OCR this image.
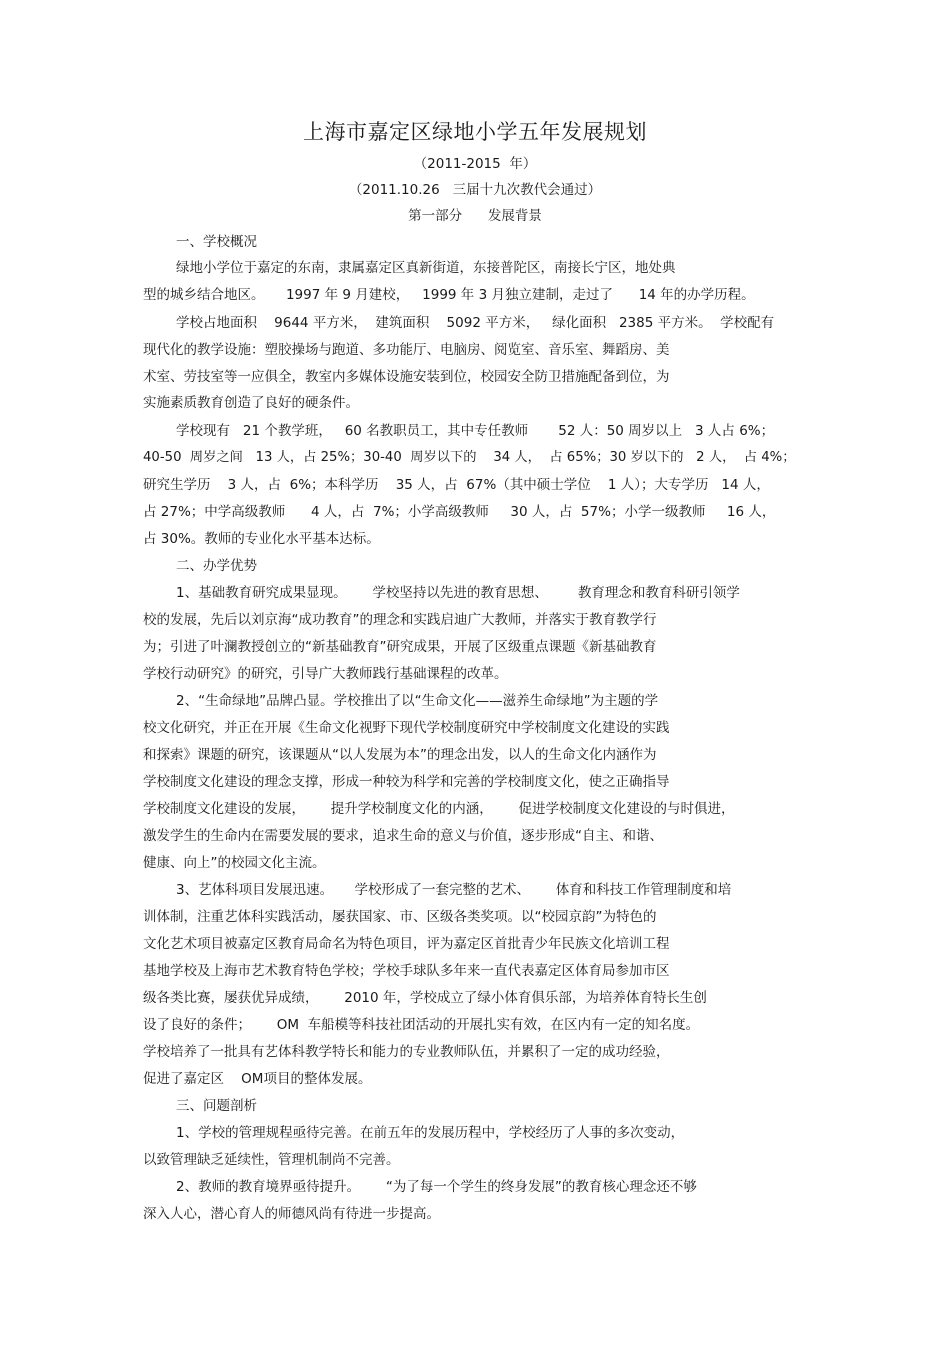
上海市嘉定区绿地小学五年发展规划
（2011-2015  年）
（2011.10.26   三届十九次教代会通过）
第一部分      发展背景
一、学校概况
绿地小学位于嘉定的东南，隶属嘉定区真新街道，东接普陀区，南接长宁区，地处典
型的城乡结合地区。     1997 年 9 月建校，   1999 年 3 月独立建制，走过了      14 年的办学历程。
学校占地面积    9644 平方米，  建筑面积    5092 平方米，   绿化面积   2385 平方米。  学校配有
现代化的教学设施：塑胶操场与跑道、多功能厅、电脑房、阅览室、音乐室、舞蹈房、美
术室、劳技室等一应俱全，教室内多媒体设施安装到位，校园安全防卫措施配备到位，为
实施素质教育创造了良好的硬条件。
学校现有   21 个教学班，   60 名教职员工，其中专任教师       52 人：50 周岁以上   3 人占 6%；
40-50  周岁之间   13 人，占 25%；30-40  周岁以下的    34 人，  占 65%；30 岁以下的   2 人，  占 4%；
研究生学历    3 人，占  6%；本科学历    35 人，占  67%（其中硕士学位    1 人）；大专学历   14 人，
占 27%；中学高级教师      4 人，占  7%；小学高级教师     30 人，占  57%；小学一级教师     16 人，
占 30%。教师的专业化水平基本达标。
二、办学优势
1、基础教育研究成果显现。      学校坚持以先进的教育思想、       教育理念和教育科研引领学
校的发展，先后以刘京海“成功教育”的理念和实践启迪广大教师，并落实于教育教学行
为；引进了叶澜教授创立的“新基础教育”研究成果，开展了区级重点课题《新基础教育
学校行动研究》的研究，引导广大教师践行基础课程的改革。
2、“生命绿地”品牌凸显。学校推出了以“生命文化——滋养生命绿地”为主题的学
校文化研究，并正在开展《生命文化视野下现代学校制度研究中学校制度文化建设的实践
和探索》课题的研究，该课题从“以人发展为本”的理念出发，以人的生命文化内涵作为
学校制度文化建设的理念支撑，形成一种较为科学和完善的学校制度文化，使之正确指导
学校制度文化建设的发展，      提升学校制度文化的内涵，      促进学校制度文化建设的与时俱进，
激发学生的生命内在需要发展的要求，追求生命的意义与价值，逐步形成“自主、和谐、
健康、向上”的校园文化主流。
3、艺体科项目发展迅速。     学校形成了一套完整的艺术、      体育和科技工作管理制度和培
训体制，注重艺体科实践活动，屡获国家、市、区级各类奖项。以“校园京韵”为特色的
文化艺术项目被嘉定区教育局命名为特色项目，评为嘉定区首批青少年民族文化培训工程
基地学校及上海市艺术教育特色学校；学校手球队多年来一直代表嘉定区体育局参加市区
级各类比赛，屡获优异成绩，      2010 年，学校成立了绿小体育俱乐部，为培养体育特长生创
设了良好的条件；      OM  车船模等科技社团活动的开展扎实有效，在区内有一定的知名度。
学校培养了一批具有艺体科教学特长和能力的专业教师队伍，并累积了一定的成功经验，
促进了嘉定区    OM项目的整体发展。
三、问题剖析
1、学校的管理规程亟待完善。在前五年的发展历程中，学校经历了人事的多次变动，
以致管理缺乏延续性，管理机制尚不完善。
2、教师的教育境界亟待提升。      “为了每一个学生的终身发展”的教育核心理念还不够
深入人心，潜心育人的师德风尚有待进一步提高。
